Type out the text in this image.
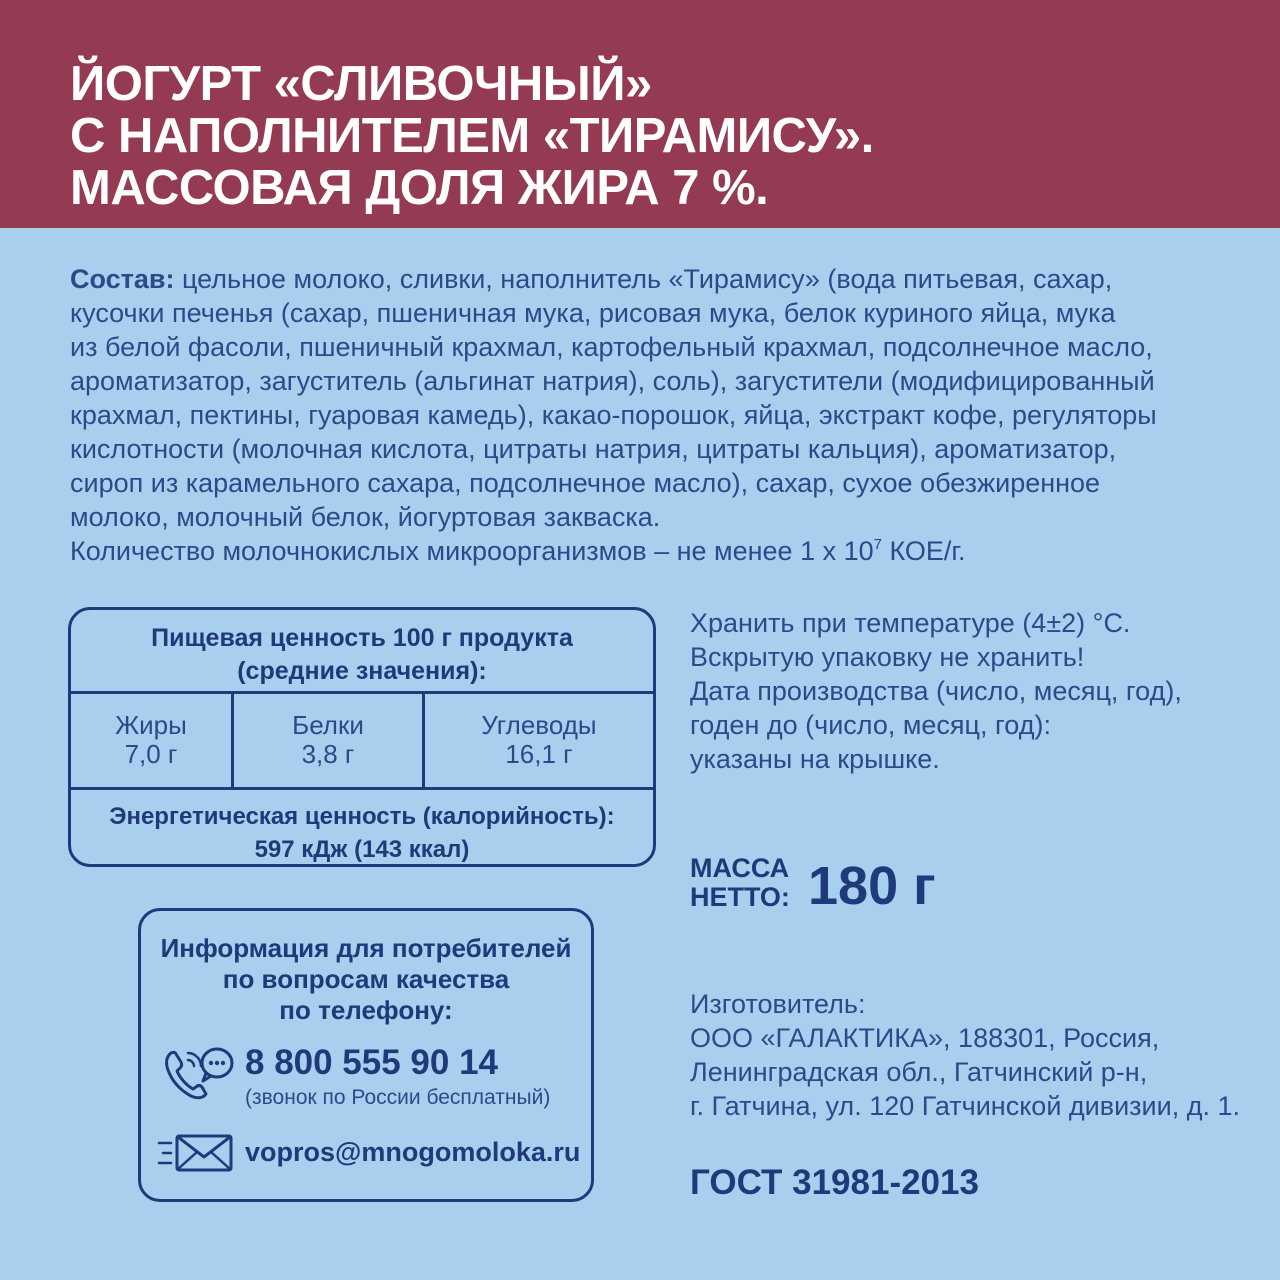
ЙОГУРТ «СЛИВОЧНЫЙ»
С НАПОЛНИТЕЛЕМ «ТИРАМИСУ».
МАССОВАЯ ДОЛЯ ЖИРА 7 %.
Состав: цельное молоко, сливки, наполнитель «Тирамису» (вода питьевая, сахар,
кусочки печенья (сахар, пшеничная мука, рисовая мука, белок куриного яйца, мука
из белой фасоли, пшеничный крахмал, картофельный крахмал, подсолнечное масло,
ароматизатор, загуститель (альгинат натрия), соль), загустители (модифицированный
крахмал, пектины, гуаровая камедь), какао-порошок, яйца, экстракт кофе, регуляторы
кислотности (молочная кислота, цитраты натрия, цитраты кальция), ароматизатор,
сироп из карамельного сахара, подсолнечное масло), сахар, сухое обезжиренное
молоко, молочный белок, йогуртовая закваска.
Количество молочнокислых микроорганизмов – не менее 1 х $10^7$ КОЕ/г.
Пищевая ценность 100 г продукта
(средние значения):
Жиры
7,0 г
Белки
3,8 г
Углеводы
16,1 г
Энергетическая ценность (калорийность):
597 кДж (143 ккал)
Хранить при температуре (4±2) °С.
Вскрытую упаковку не хранить!
Дата производства (число, месяц, год),
годен до (число, месяц, год):
указаны на крышке.
МАССА
НЕТТО: 180 г
Информация для потребителей
по вопросам качества
по телефону:
8 800 555 90 14
(звонок по России бесплатный)
vopros@mnogomoloka.ru
Изготовитель:
ООО «ГАЛАКТИКА», 188301, Россия,
Ленинградская обл., Гатчинский р-н,
г. Гатчина, ул. 120 Гатчинской дивизии, д. 1.
ГОСТ 31981-2013
